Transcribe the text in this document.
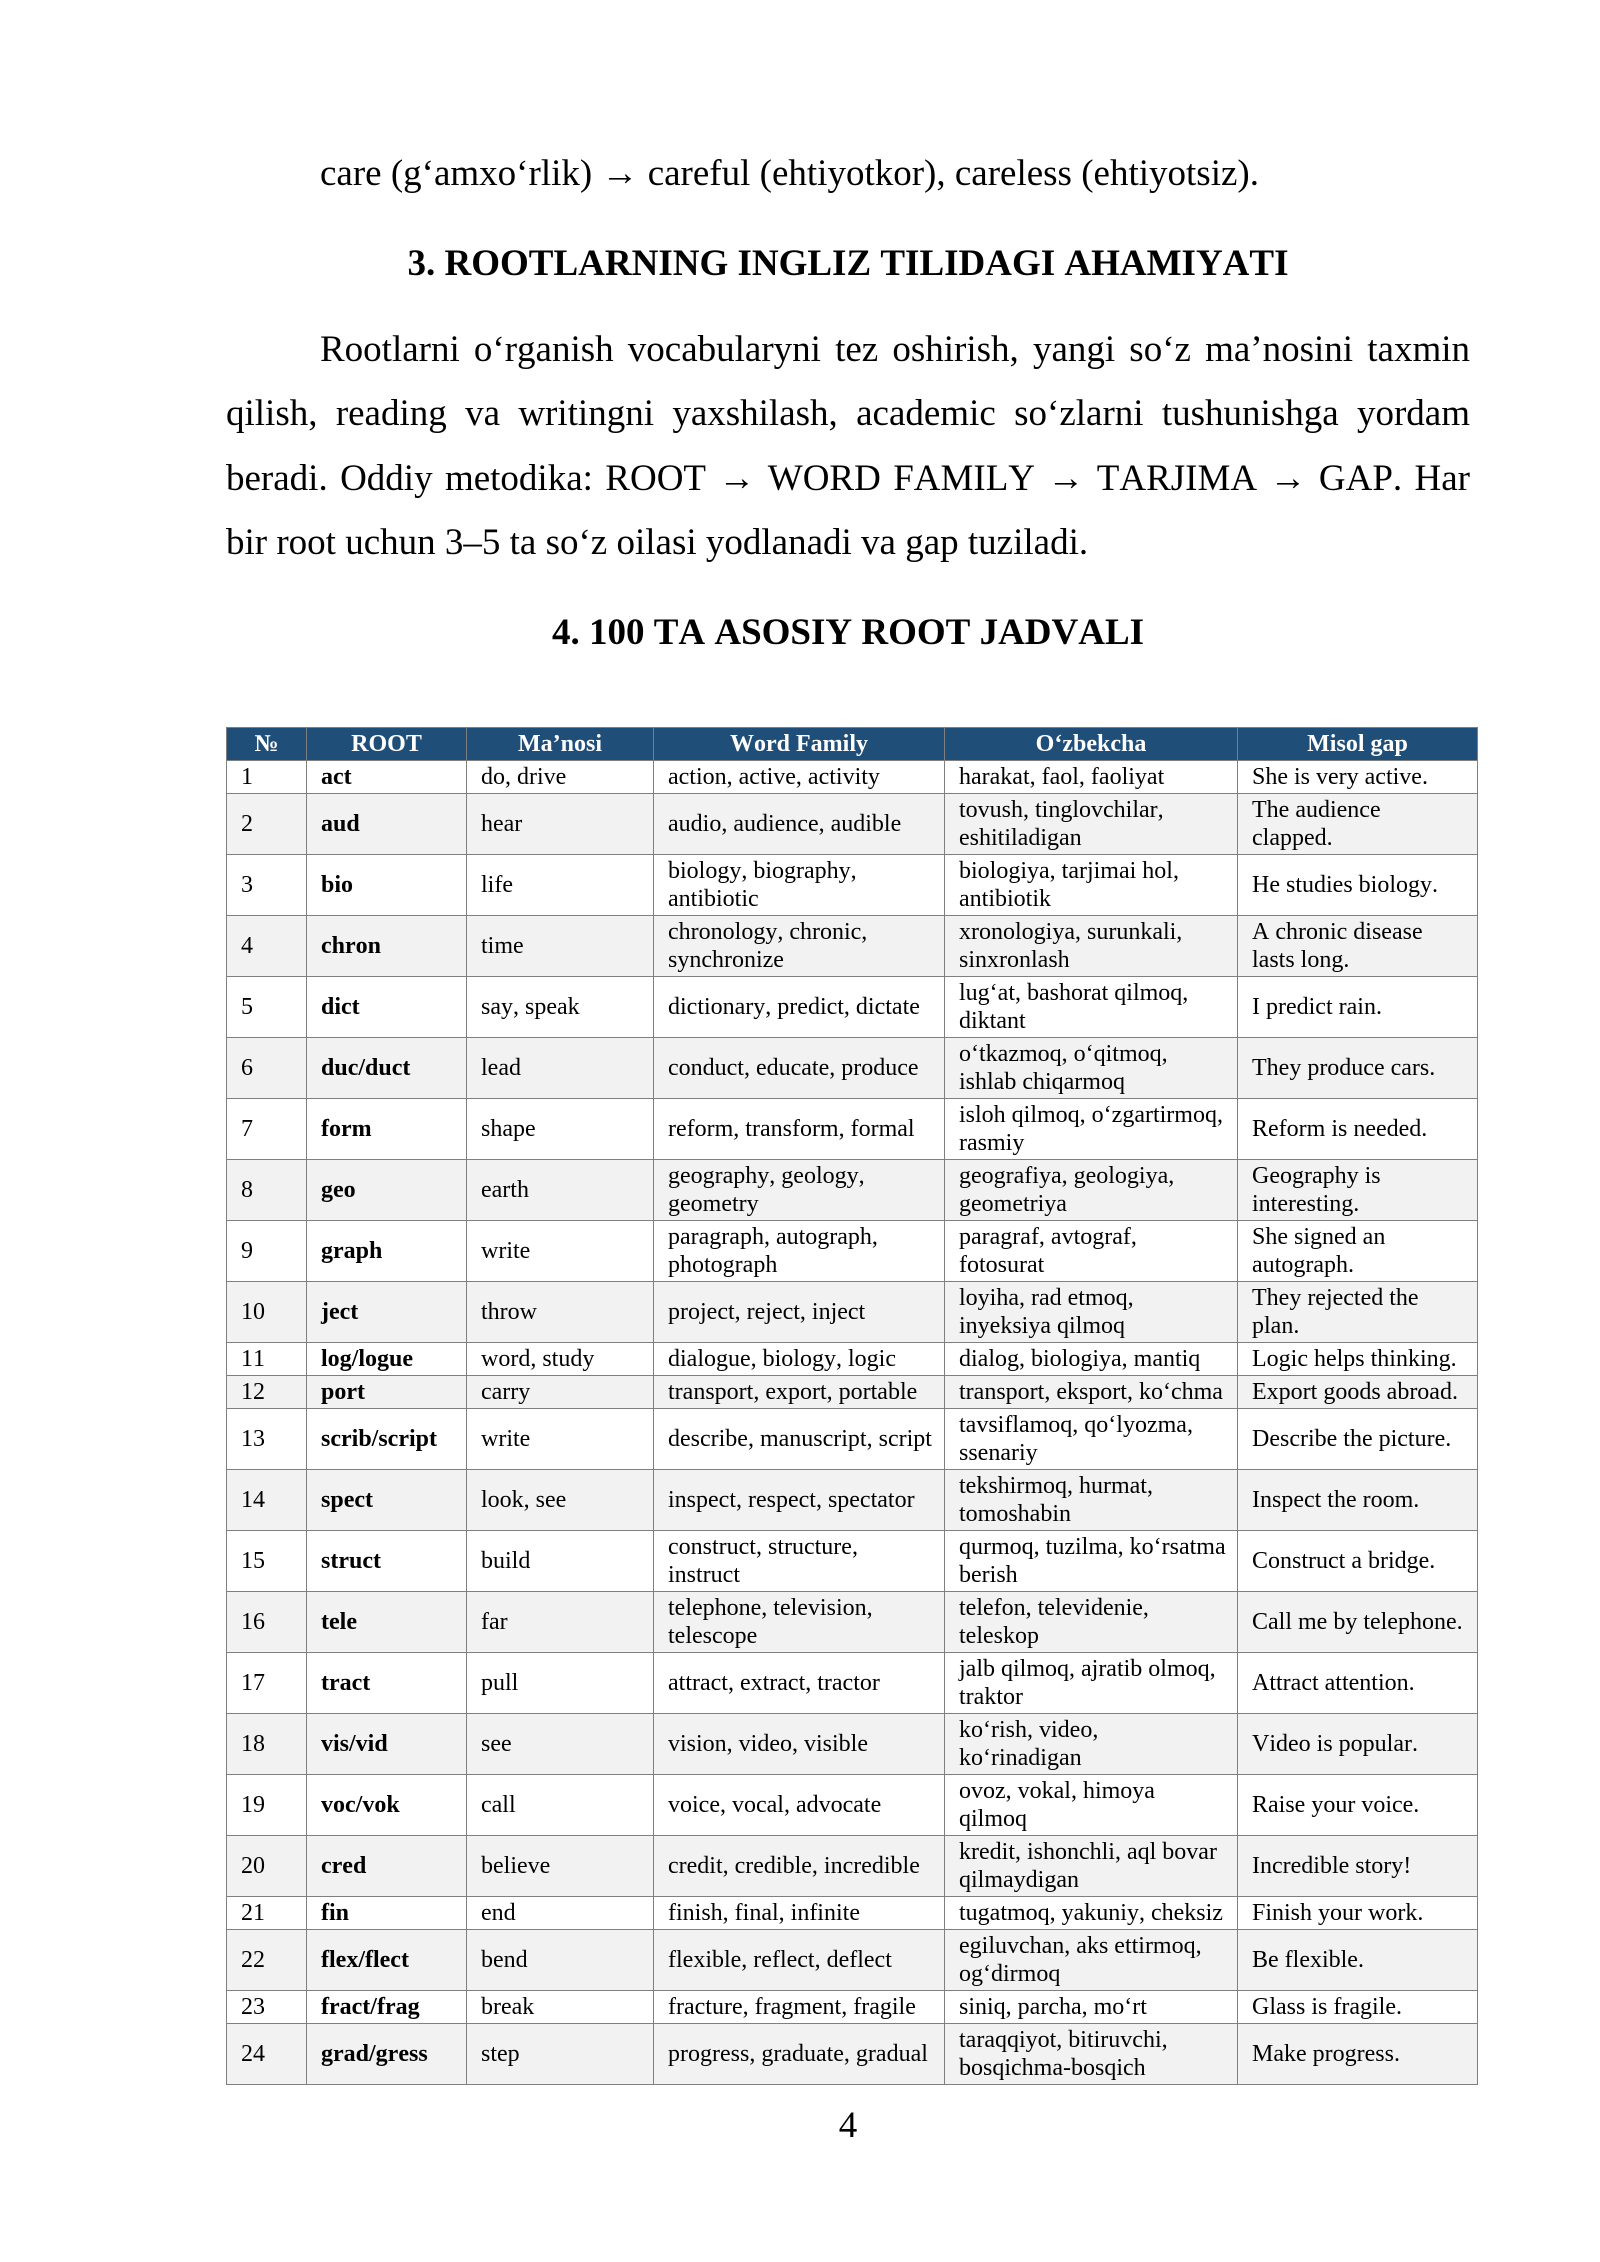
care (g‘amxo‘rlik) → careful (ehtiyotkor), careless (ehtiyotsiz).

3. ROOTLARNING INGLIZ TILIDAGI AHAMIYATI

Rootlarni o‘rganish vocabularyni tez oshirish, yangi so‘z ma’nosini taxmin qilish, reading va writingni yaxshilash, academic so‘zlarni tushunishga yordam beradi. Oddiy metodika: ROOT → WORD FAMILY → TARJIMA → GAP. Har bir root uchun 3–5 ta so‘z oilasi yodlanadi va gap tuziladi.

4. 100 TA ASOSIY ROOT JADVALI
№	ROOT	Ma’nosi	Word Family	O‘zbekcha	Misol gap
1	act	do, drive	action, active, activity	harakat, faol, faoliyat	She is very active.
2	aud	hear	audio, audience, audible	tovush, tinglovchilar, eshitiladigan	The audience clapped.
3	bio	life	biology, biography, antibiotic	biologiya, tarjimai hol, antibiotik	He studies biology.
4	chron	time	chronology, chronic, synchronize	xronologiya, surunkali, sinxronlash	A chronic disease lasts long.
5	dict	say, speak	dictionary, predict, dictate	lug‘at, bashorat qilmoq, diktant	I predict rain.
6	duc/duct	lead	conduct, educate, produce	o‘tkazmoq, o‘qitmoq, ishlab chiqarmoq	They produce cars.
7	form	shape	reform, transform, formal	isloh qilmoq, o‘zgartirmoq, rasmiy	Reform is needed.
8	geo	earth	geography, geology, geometry	geografiya, geologiya, geometriya	Geography is interesting.
9	graph	write	paragraph, autograph, photograph	paragraf, avtograf, fotosurat	She signed an autograph.
10	ject	throw	project, reject, inject	loyiha, rad etmoq, inyeksiya qilmoq	They rejected the plan.
11	log/logue	word, study	dialogue, biology, logic	dialog, biologiya, mantiq	Logic helps thinking.
12	port	carry	transport, export, portable	transport, eksport, ko‘chma	Export goods abroad.
13	scrib/script	write	describe, manuscript, script	tavsiflamoq, qo‘lyozma, ssenariy	Describe the picture.
14	spect	look, see	inspect, respect, spectator	tekshirmoq, hurmat, tomoshabin	Inspect the room.
15	struct	build	construct, structure, instruct	qurmoq, tuzilma, ko‘rsatma berish	Construct a bridge.
16	tele	far	telephone, television, telescope	telefon, televidenie, teleskop	Call me by telephone.
17	tract	pull	attract, extract, tractor	jalb qilmoq, ajratib olmoq, traktor	Attract attention.
18	vis/vid	see	vision, video, visible	ko‘rish, video, ko‘rinadigan	Video is popular.
19	voc/vok	call	voice, vocal, advocate	ovoz, vokal, himoya qilmoq	Raise your voice.
20	cred	believe	credit, credible, incredible	kredit, ishonchli, aql bovar qilmaydigan	Incredible story!
21	fin	end	finish, final, infinite	tugatmoq, yakuniy, cheksiz	Finish your work.
22	flex/flect	bend	flexible, reflect, deflect	egiluvchan, aks ettirmoq, og‘dirmoq	Be flexible.
23	fract/frag	break	fracture, fragment, fragile	siniq, parcha, mo‘rt	Glass is fragile.
24	grad/gress	step	progress, graduate, gradual	taraqqiyot, bitiruvchi, bosqichma-bosqich	Make progress.

4
